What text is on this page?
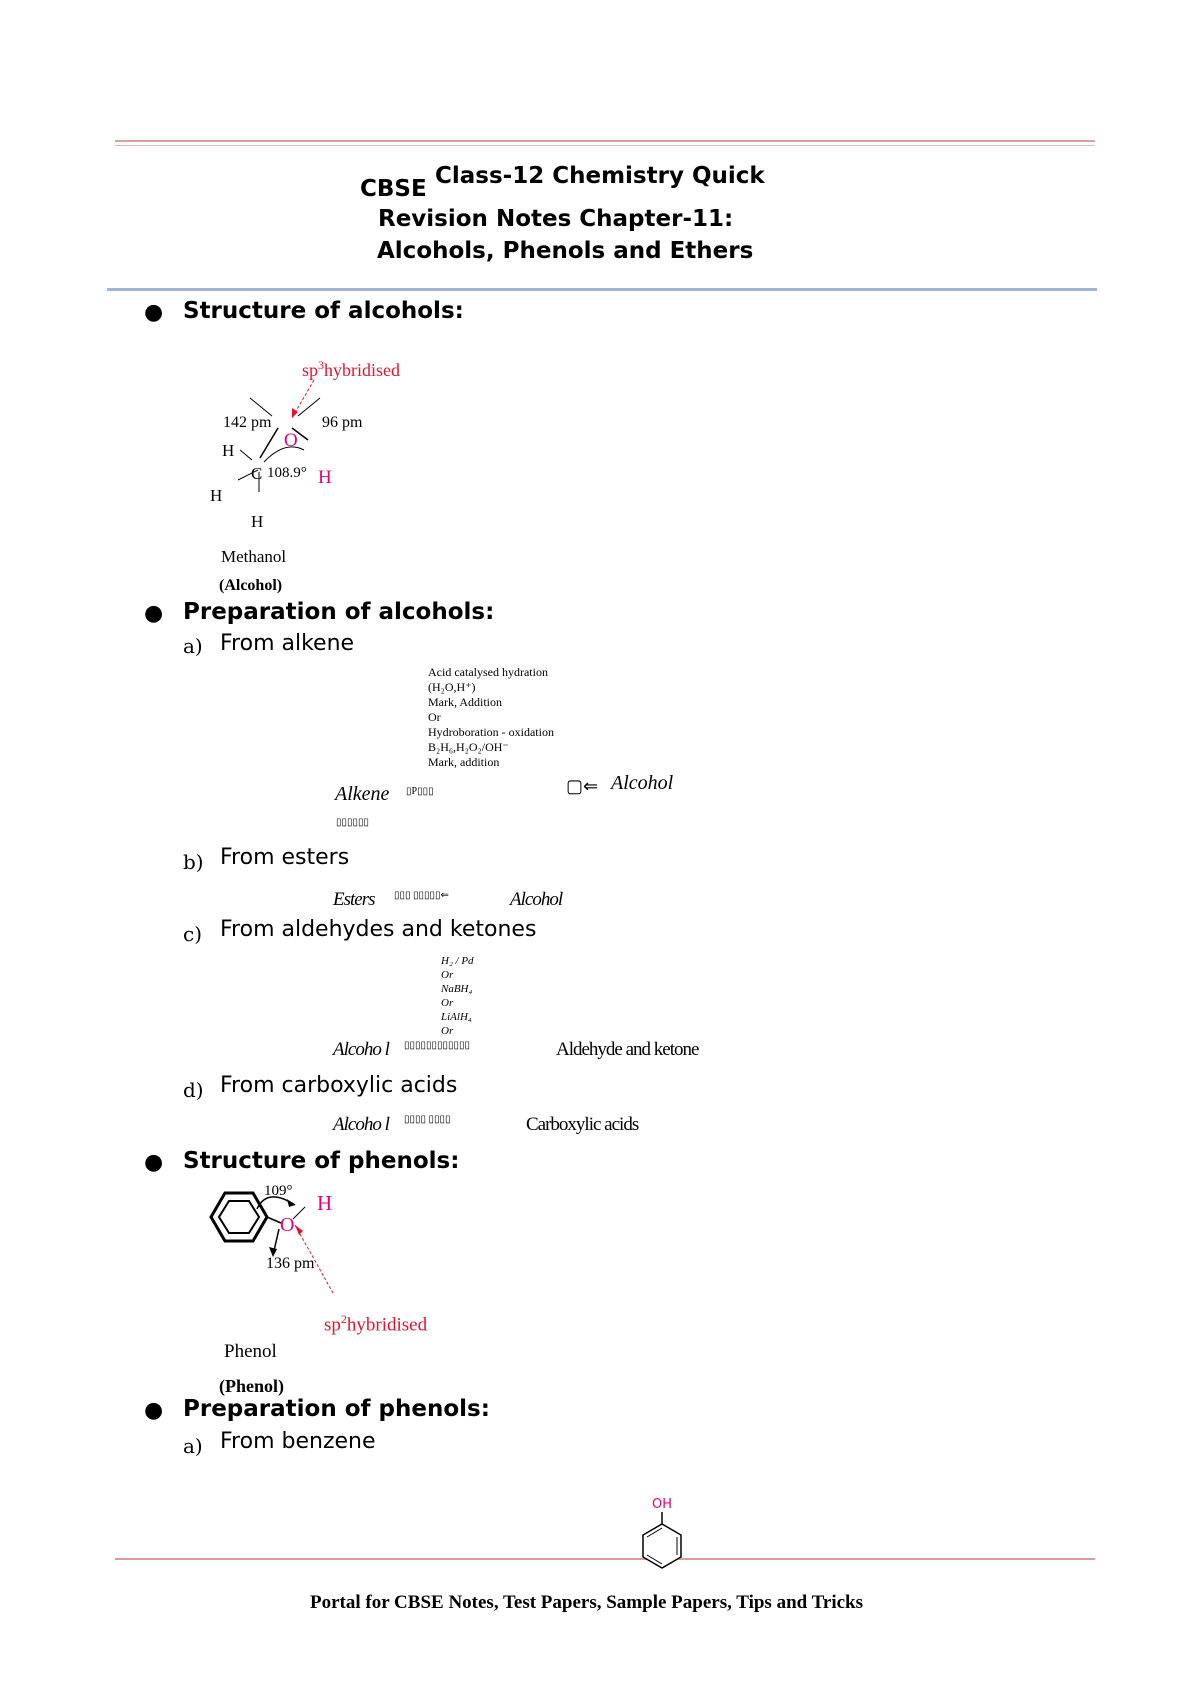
CBSE Class-12 Chemistry Quick
Revision Notes Chapter-11:
Alcohols, Phenols and Ethers
● Structure of alcohols:
$sp^3hybridised$
142 pm	96 pm
O
H
C 108.9° H
H
H
Methanol
(Alcohol)
● Preparation of alcohols:
a) From alkene
Acid catalysed hydration
(H₂O,H⁺)
Mark, Addition
Or
Hydroboration - oxidation
B₂H₆,H₂O₂/OH⁻
Mark, addition
Alkene ▯P▯▯▯
▯▯▯▯▯▯
▢⇐ Alcohol
b) From esters
Esters ▯▯▯ ▯▯▯▯▯⇐	Alcohol
c) From aldehydes and ketones
H₂ / Pd
Or
NaBH₄
Or
LiAlH₄
Or
Alcoho l ▯▯▯▯▯▯▯▯▯▯▯▯	Aldehyde and ketone
d) From carboxylic acids
Alcoho l ▯▯▯▯ ▯▯▯▯	Carboxylic acids
● Structure of phenols:
109° H
O
136 pm
$sp^2hybridised$
Phenol
(Phenol)
● Preparation of phenols:
a) From benzene
OH
Portal for CBSE Notes, Test Papers, Sample Papers, Tips and Tricks
